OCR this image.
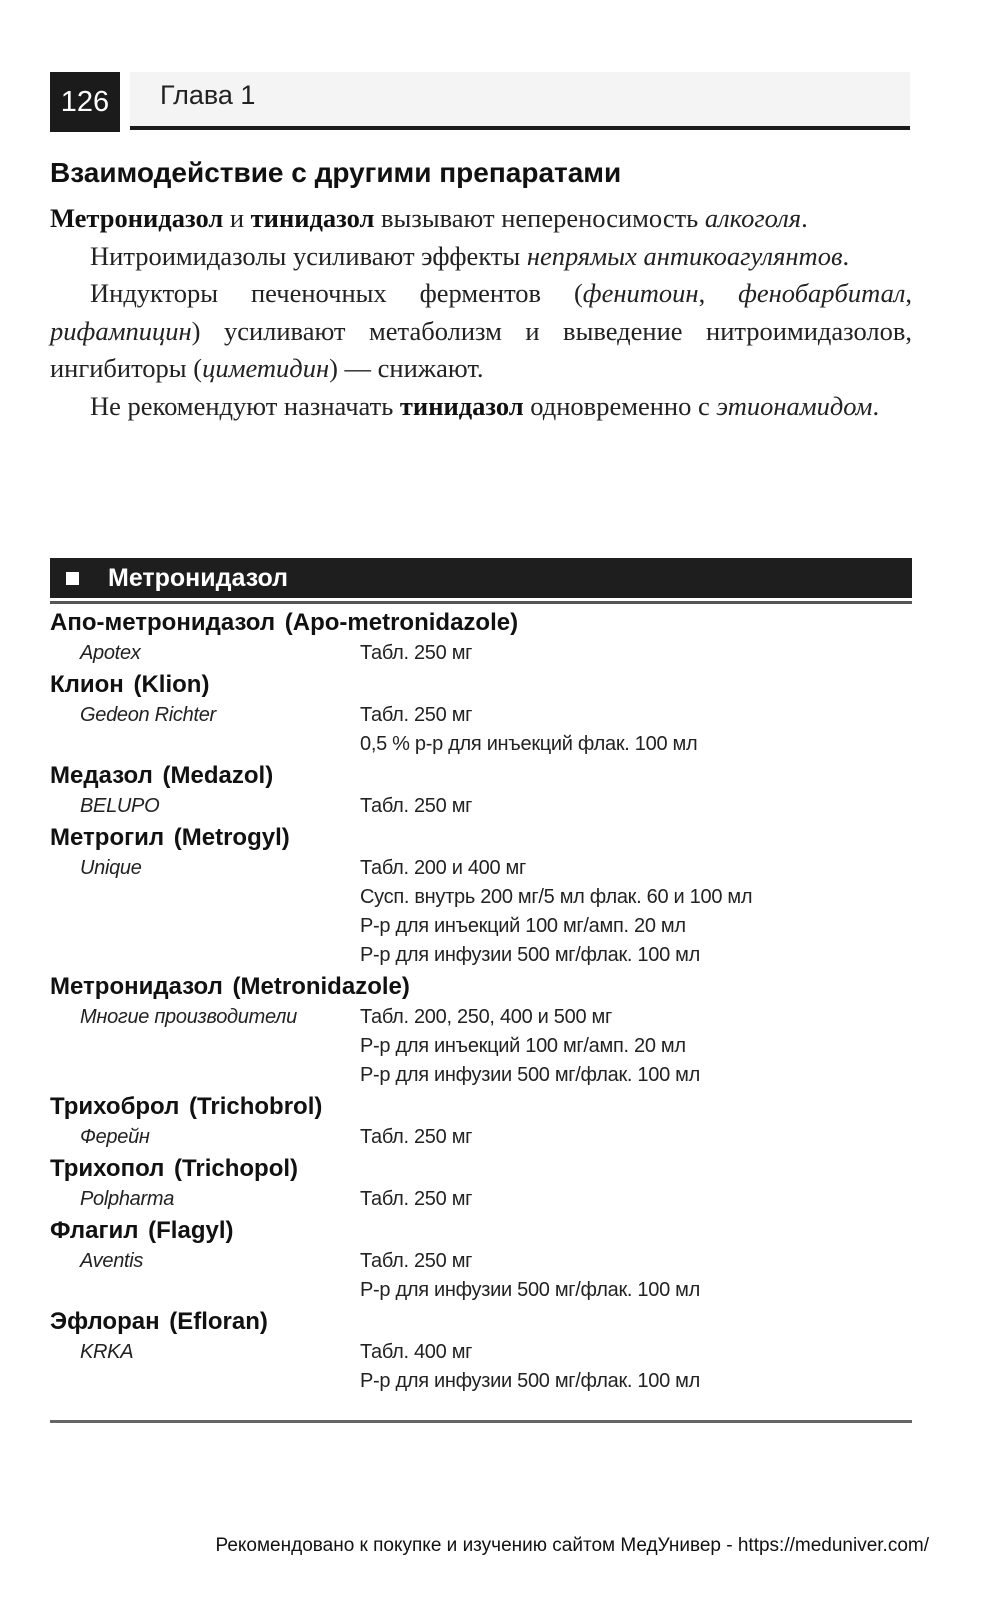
126	Глава 1
Взаимодействие с другими препаратами

Метронидазол и тинидазол вызывают непереносимость алкоголя.

Нитроимидазолы усиливают эффекты непрямых антикоагулянтов.

Индукторы печеночных ферментов (фенитоин, фенобарбитал, рифампицин) усиливают метаболизм и выведение нитроимидазолов, ингибиторы (циметидин) — снижают.

Не рекомендуют назначать тинидазол одновременно с этионамидом.

Метронидазол
Апо-метронидазол (Apo-metronidazole)
Apotex	Табл. 250 мг
Клион (Klion)
Gedeon Richter	Табл. 250 мг
0,5 % р-р для инъекций флак. 100 мл
Медазол (Medazol)
BELUPO	Табл. 250 мг
Метрогил (Metrogyl)
Unique	Табл. 200 и 400 мг
Сусп. внутрь 200 мг/5 мл флак. 60 и 100 мл
Р-р для инъекций 100 мг/амп. 20 мл
Р-р для инфузии 500 мг/флак. 100 мл
Метронидазол (Metronidazole)
Многие производители	Табл. 200, 250, 400 и 500 мг
Р-р для инъекций 100 мг/амп. 20 мл
Р-р для инфузии 500 мг/флак. 100 мл
Трихоброл (Trichobrol)
Ферейн	Табл. 250 мг
Трихопол (Trichopol)
Polpharma	Табл. 250 мг
Флагил (Flagyl)
Aventis	Табл. 250 мг
Р-р для инфузии 500 мг/флак. 100 мл
Эфлоран (Efloran)
KRKA	Табл. 400 мг
Р-р для инфузии 500 мг/флак. 100 мл
Рекомендовано к покупке и изучению сайтом МедУнивер - https://meduniver.com/
